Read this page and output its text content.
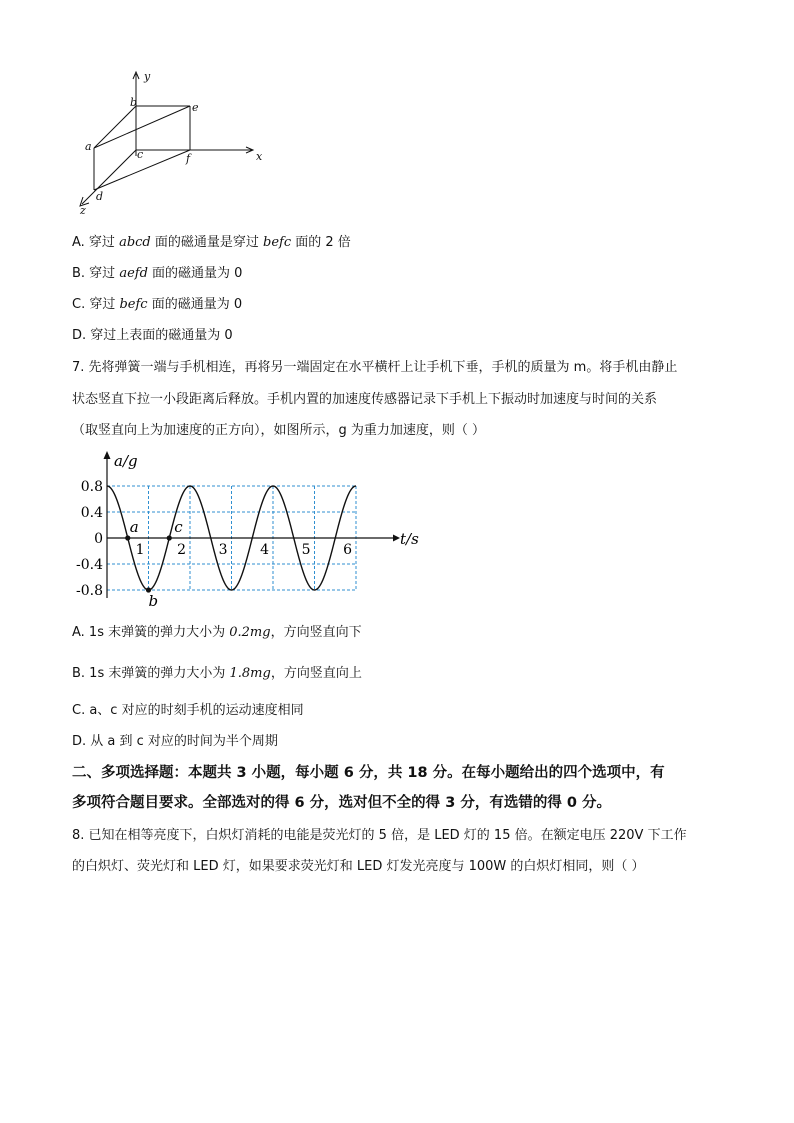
y
x
z
b	e
a
c	f
d
A. 穿过 abcd 面的磁通量是穿过 befc 面的 2 倍
B. 穿过 aefd 面的磁通量为 0
C. 穿过 befc 面的磁通量为 0
D. 穿过上表面的磁通量为 0
7. 先将弹簧一端与手机相连，再将另一端固定在水平横杆上让手机下垂，手机的质量为 m。将手机由静止
状态竖直下拉一小段距离后释放。手机内置的加速度传感器记录下手机上下振动时加速度与时间的关系
（取竖直向上为加速度的正方向），如图所示，g 为重力加速度，则（ ）
a/g
t/s
0.8
0.4
0
-0.4
-0.8
1 2 3 4 5 6
a
b
c
A. 1s 末弹簧的弹力大小为 0.2mg，方向竖直向下
B. 1s 末弹簧的弹力大小为 1.8mg，方向竖直向上
C. a、c 对应的时刻手机的运动速度相同
D. 从 a 到 c 对应的时间为半个周期
二、多项选择题：本题共 3 小题，每小题 6 分，共 18 分。在每小题给出的四个选项中，有
多项符合题目要求。全部选对的得 6 分，选对但不全的得 3 分，有选错的得 0 分。
8. 已知在相等亮度下，白炽灯消耗的电能是荧光灯的 5 倍，是 LED 灯的 15 倍。在额定电压 220V 下工作
的白炽灯、荧光灯和 LED 灯，如果要求荧光灯和 LED 灯发光亮度与 100W 的白炽灯相同，则（ ）
